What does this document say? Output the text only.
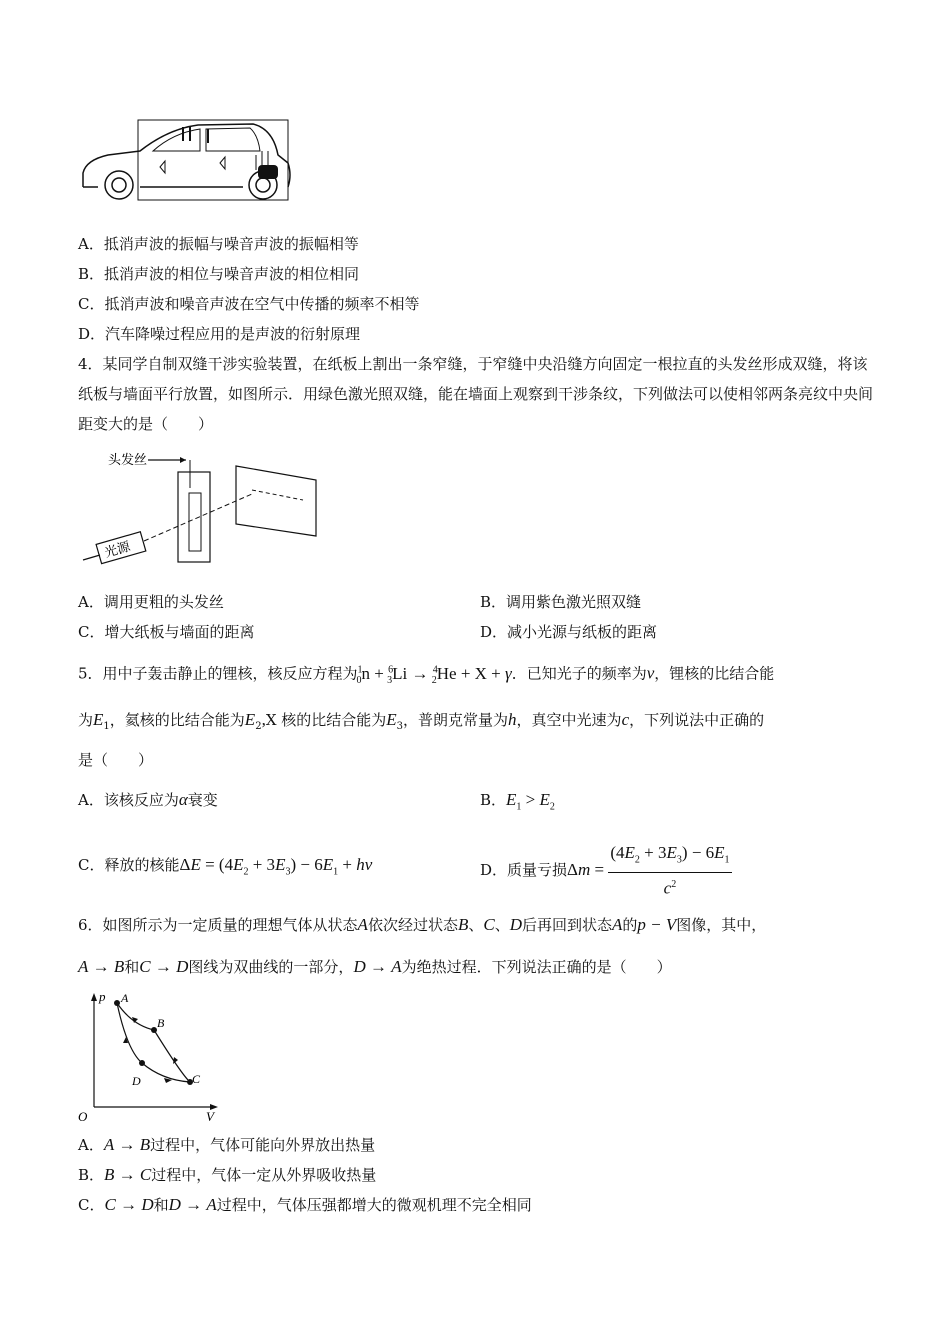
A．抵消声波的振幅与噪音声波的振幅相等
B．抵消声波的相位与噪音声波的相位相同
C．抵消声波和噪音声波在空气中传播的频率不相等
D．汽车降噪过程应用的是声波的衍射原理
4．某同学自制双缝干涉实验装置，在纸板上割出一条窄缝，于窄缝中央沿缝方向固定一根拉直的头发丝形成双缝，将该纸板与墙面平行放置，如图所示．用绿色激光照双缝，能在墙面上观察到干涉条纹，下列做法可以使相邻两条亮纹中央间距变大的是（　　）
头发丝
光源
A．调用更粗的头发丝	B．调用紫色激光照双缝
C．增大纸板与墙面的距离	D．减小光源与纸板的距离
5．用中子轰击静止的锂核，核反应方程为$^1_0$n + $^6_3$Li → $^4_2$He + X + γ．已知光子的频率为ν，锂核的比结合能
为$E_1$，氦核的比结合能为$E_2,X$ 核的比结合能为$E_3$，普朗克常量为h，真空中光速为c，下列说法中正确的
是（　　）
A．该核反应为α衰变	B．$E_1 > E_2$
C．释放的核能$\Delta E = (4E_2 + 3E_3) - 6E_1 + h\nu$	D．质量亏损$\Delta m = \frac{(4E_2 + 3E_3) - 6E_1}{c^2}$
6．如图所示为一定质量的理想气体从状态A依次经过状态B、C、D后再回到状态A的p − V图像，其中，
A → B和C → D图线为双曲线的一部分，D → A为绝热过程．下列说法正确的是（　　）
p
V
O
A
B
C
D
A．A → B过程中，气体可能向外界放出热量
B．B → C过程中，气体一定从外界吸收热量
C．C → D和D → A过程中，气体压强都增大的微观机理不完全相同
